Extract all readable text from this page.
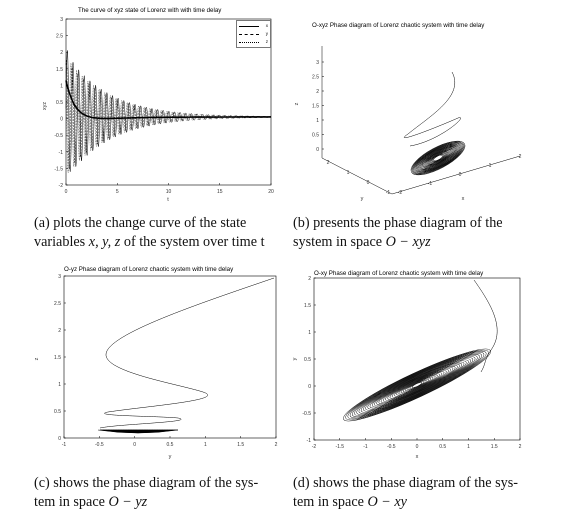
The curve of xyz state of Lorenz with with time delay
3
2.5
2
1.5
1
0.5
0
-0.5
-1
-1.5
-2
0	5	10	15	20
xyz
t
x
y
z
O-xyz Phase diagram of Lorenz chaotic system with time delay
3
2.5
2
1.5
1
0.5
0
2
1
0
-1 -2
-1
0
1
2
z
y	x
(a) plots the change curve of the state
variables x, y, z of the system over time t
(b) presents the phase diagram of the
system in space O − xyz
O-yz Phase diagram of Lorenz chaotic system with time delay
3
2.5
2
1.5
1
0.5
0
-1	-0.5	0	0.5	1	1.5	2
z
y
O-xy Phase diagram of Lorenz chaotic system with time delay
2
1.5
1
0.5
0
-0.5
-1
-2	-1.5	-1	-0.5	0	0.5	1	1.5	2
y
x
(c) shows the phase diagram of the sys-
tem in space O − yz
(d) shows the phase diagram of the sys-
tem in space O − xy
